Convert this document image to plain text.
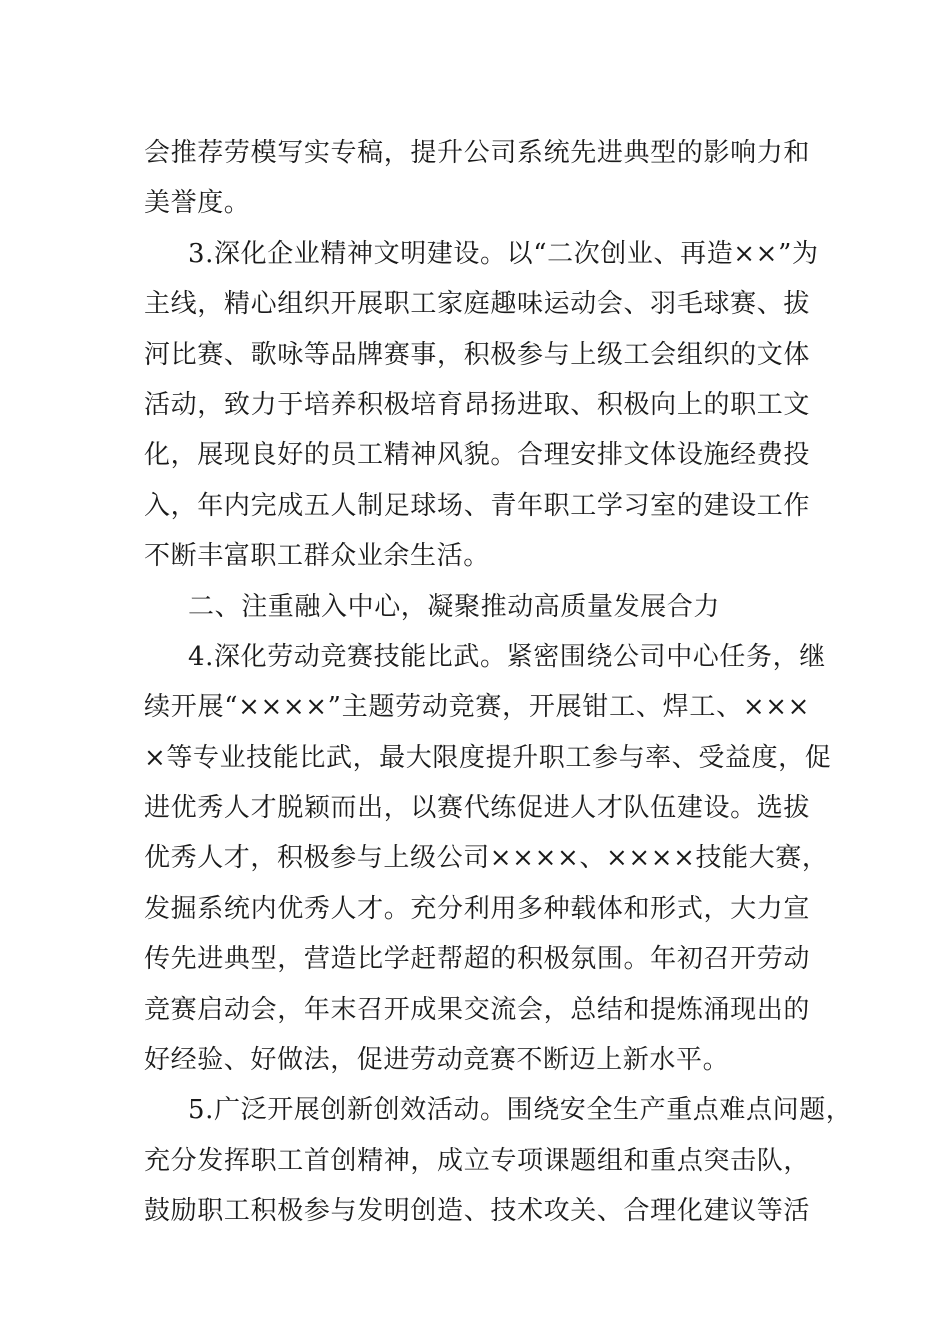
会推荐劳模写实专稿，提升公司系统先进典型的影响力和
美誉度。
3.深化企业精神文明建设。以“二次创业、再造××”为
主线，精心组织开展职工家庭趣味运动会、羽毛球赛、拔
河比赛、歌咏等品牌赛事，积极参与上级工会组织的文体
活动，致力于培养积极培育昂扬进取、积极向上的职工文
化，展现良好的员工精神风貌。合理安排文体设施经费投
入，年内完成五人制足球场、青年职工学习室的建设工作
不断丰富职工群众业余生活。
二、注重融入中心，凝聚推动高质量发展合力
4.深化劳动竞赛技能比武。紧密围绕公司中心任务，继
续开展“××××”主题劳动竞赛，开展钳工、焊工、×××
×等专业技能比武，最大限度提升职工参与率、受益度，促
进优秀人才脱颖而出，以赛代练促进人才队伍建设。选拔
优秀人才，积极参与上级公司××××、××××技能大赛，
发掘系统内优秀人才。充分利用多种载体和形式，大力宣
传先进典型，营造比学赶帮超的积极氛围。年初召开劳动
竞赛启动会，年末召开成果交流会，总结和提炼涌现出的
好经验、好做法，促进劳动竞赛不断迈上新水平。
5.广泛开展创新创效活动。围绕安全生产重点难点问题，
充分发挥职工首创精神，成立专项课题组和重点突击队，
鼓励职工积极参与发明创造、技术攻关、合理化建议等活
